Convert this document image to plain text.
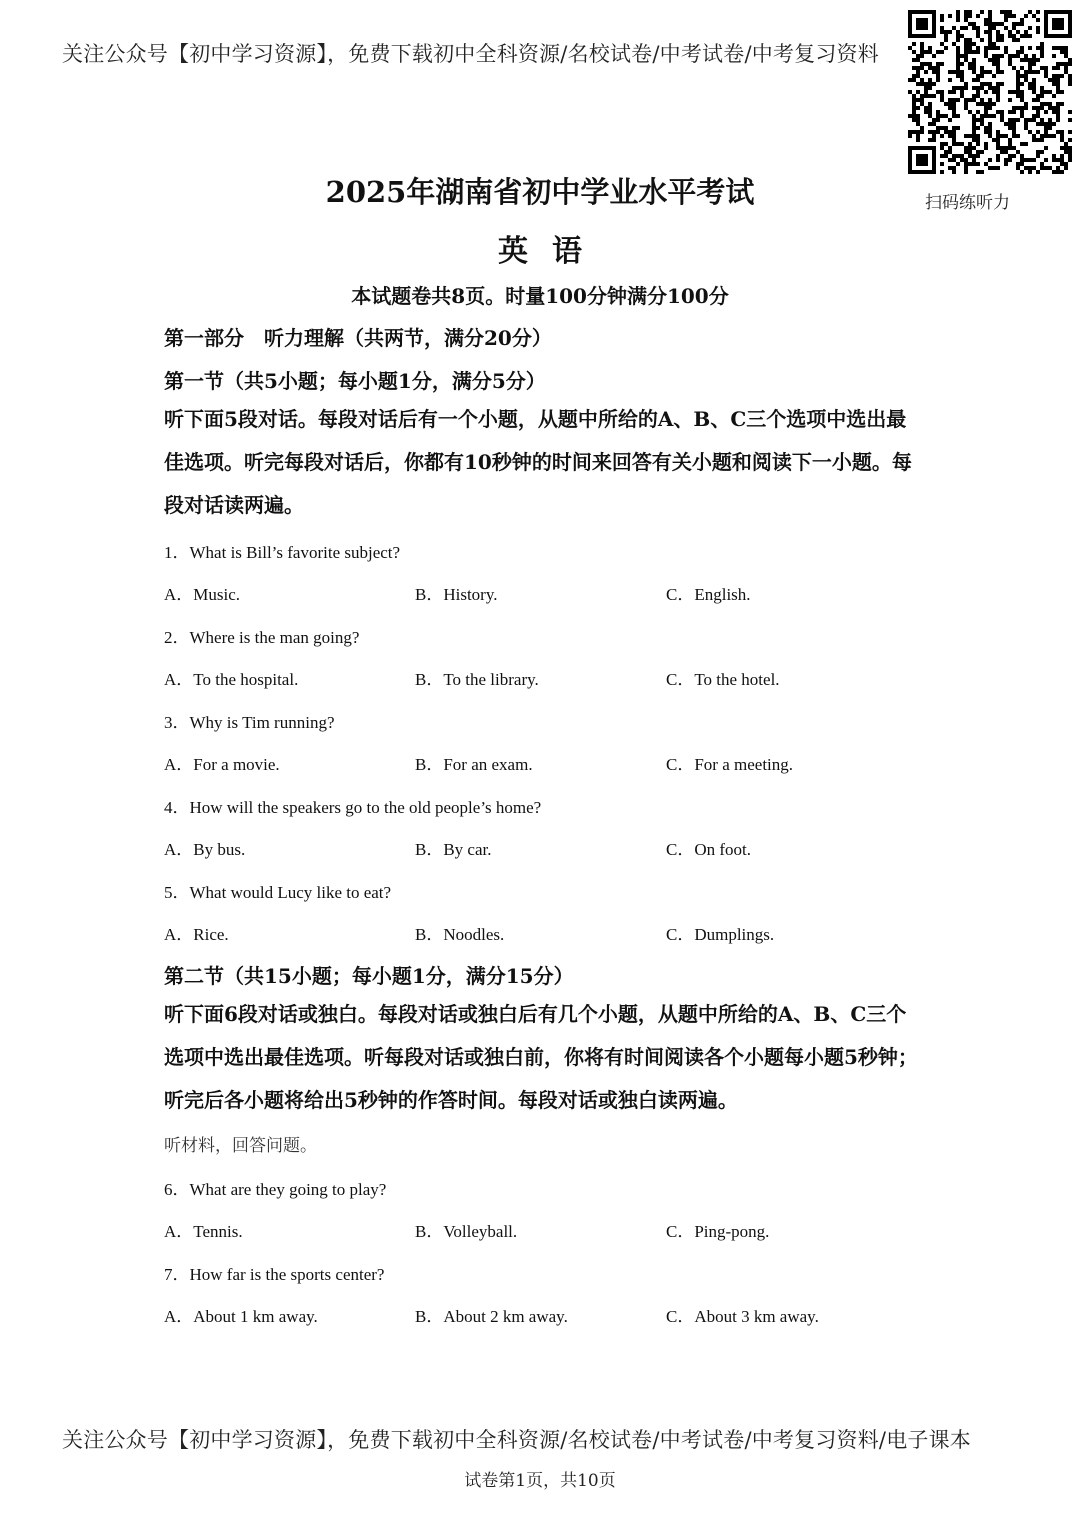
关注公众号【初中学习资源】，免费下载初中全科资源/名校试卷/中考试卷/中考复习资料
扫码练听力
2025年湖南省初中学业水平考试
英语
本试题卷共8页。时量100分钟满分100分
第一部分　听力理解（共两节，满分20分）
第一节（共5小题；每小题1分，满分5分）
听下面5段对话。每段对话后有一个小题，从题中所给的A、B、C三个选项中选出最佳选项。听完每段对话后，你都有10秒钟的时间来回答有关小题和阅读下一小题。每段对话读两遍。
1．What is Bill’s favorite subject?
A．Music.	B．History.	C．English.
2．Where is the man going?
A．To the hospital.	B．To the library.	C．To the hotel.
3．Why is Tim running?
A．For a movie.	B．For an exam.	C．For a meeting.
4．How will the speakers go to the old people’s home?
A．By bus.	B．By car.	C．On foot.
5．What would Lucy like to eat?
A．Rice.	B．Noodles.	C．Dumplings.
第二节（共15小题；每小题1分，满分15分）
听下面6段对话或独白。每段对话或独白后有几个小题，从题中所给的A、B、C三个选项中选出最佳选项。听每段对话或独白前，你将有时间阅读各个小题每小题5秒钟；听完后各小题将给出5秒钟的作答时间。每段对话或独白读两遍。
听材料，回答问题。
6．What are they going to play?
A．Tennis.	B．Volleyball.	C．Ping-pong.
7．How far is the sports center?
A．About 1 km away.	B．About 2 km away.	C．About 3 km away.
关注公众号【初中学习资源】，免费下载初中全科资源/名校试卷/中考试卷/中考复习资料/电子课本
试卷第1页，共10页
